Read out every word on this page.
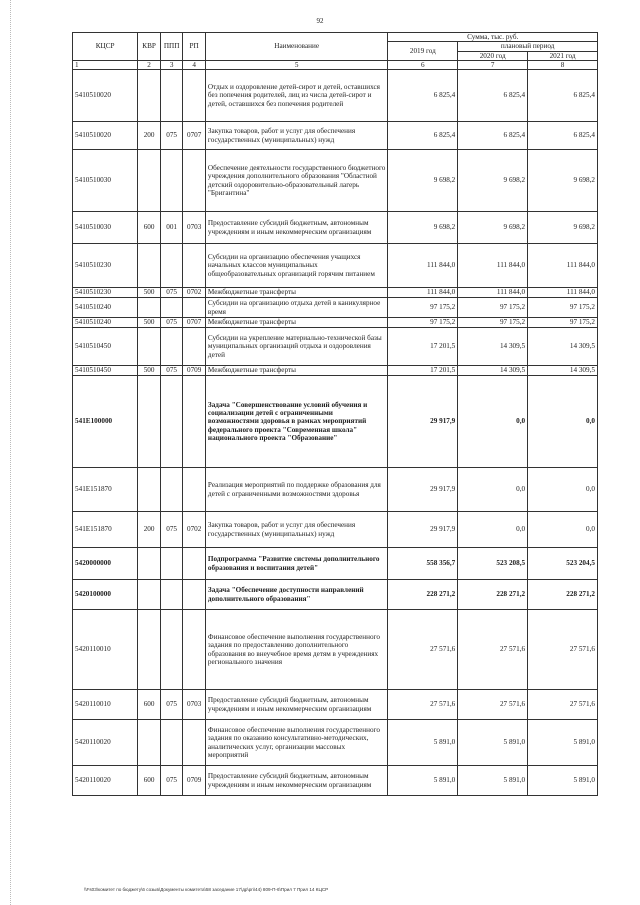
92
КЦСР	КВР	ППП	РП	Наименование	Сумма, тыс. руб.		
					2019 год	плановый период	
						2020 год	2021 год
1	2	3	4	5	6	7	8
5410510020				Отдых и оздоровление детей-сирот и детей, оставшихся без попечения родителей, лиц из числа детей-сирот и детей, оставшихся без попечения родителей	6 825,4	6 825,4	6 825,4
5410510020	200	075	0707	Закупка товаров, работ и услуг для обеспечения государственных (муниципальных) нужд	6 825,4	6 825,4	6 825,4
5410510030				Обеспечение деятельности государственного бюджетного учреждения дополнительного образования "Областной детский оздоровительно-образовательный лагерь "Бригантина"	9 698,2	9 698,2	9 698,2
5410510030	600	001	0703	Предоставление субсидий бюджетным, автономным учреждениям и иным некоммерческим организациям	9 698,2	9 698,2	9 698,2
5410510230				Субсидии на организацию обеспечения учащихся начальных классов муниципальных общеобразовательных организаций горячим питанием	111 844,0	111 844,0	111 844,0
5410510230	500	075	0702	Межбюджетные трансферты	111 844,0	111 844,0	111 844,0
5410510240				Субсидии на организацию отдыха детей в каникулярное время	97 175,2	97 175,2	97 175,2
5410510240	500	075	0707	Межбюджетные трансферты	97 175,2	97 175,2	97 175,2
5410510450				Субсидии на укрепление материально-технической базы муниципальных организаций отдыха и оздоровления детей	17 201,5	14 309,5	14 309,5
5410510450	500	075	0709	Межбюджетные трансферты	17 201,5	14 309,5	14 309,5
541E100000				Задача "Совершенствование условий обучения и социализации детей с ограниченными возможностями здоровья в рамках мероприятий федерального проекта "Современная школа" национального проекта "Образование"	29 917,9	0,0	0,0
541E151870				Реализация мероприятий по поддержке образования для детей с ограниченными возможностями здоровья	29 917,9	0,0	0,0
541E151870	200	075	0702	Закупка товаров, работ и услуг для обеспечения государственных (муниципальных) нужд	29 917,9	0,0	0,0
5420000000				Подпрограмма "Развитие системы дополнительного образования и воспитания детей"	558 356,7	523 208,5	523 204,5
5420100000				Задача "Обеспечение доступности направлений дополнительного образования"	228 271,2	228 271,2	228 271,2
5420110010				Финансовое обеспечение выполнения государственного задания по предоставлению дополнительного образования во внеучебное время детям в учреждениях регионального значения	27 571,6	27 571,6	27 571,6
5420110010	600	075	0703	Предоставление субсидий бюджетным, автономным учреждениям и иным некоммерческим организациям	27 571,6	27 571,6	27 571,6
5420110020				Финансовое обеспечение выполнения государственного задания по оказанию консультативно-методических, аналитических услуг, организации массовых мероприятий	5 891,0	5 891,0	5 891,0
5420110020	600	075	0709	Предоставление субсидий бюджетным, автономным учреждениям и иным некоммерческим организациям	5 891,0	5 891,0	5 891,0
\\Fs03\комитет по бюджету\6 созыв\Документы комитета\58 заседание 17\др\рп\44) 809-П-6\Прил 7 Прил 14 КЦСР
